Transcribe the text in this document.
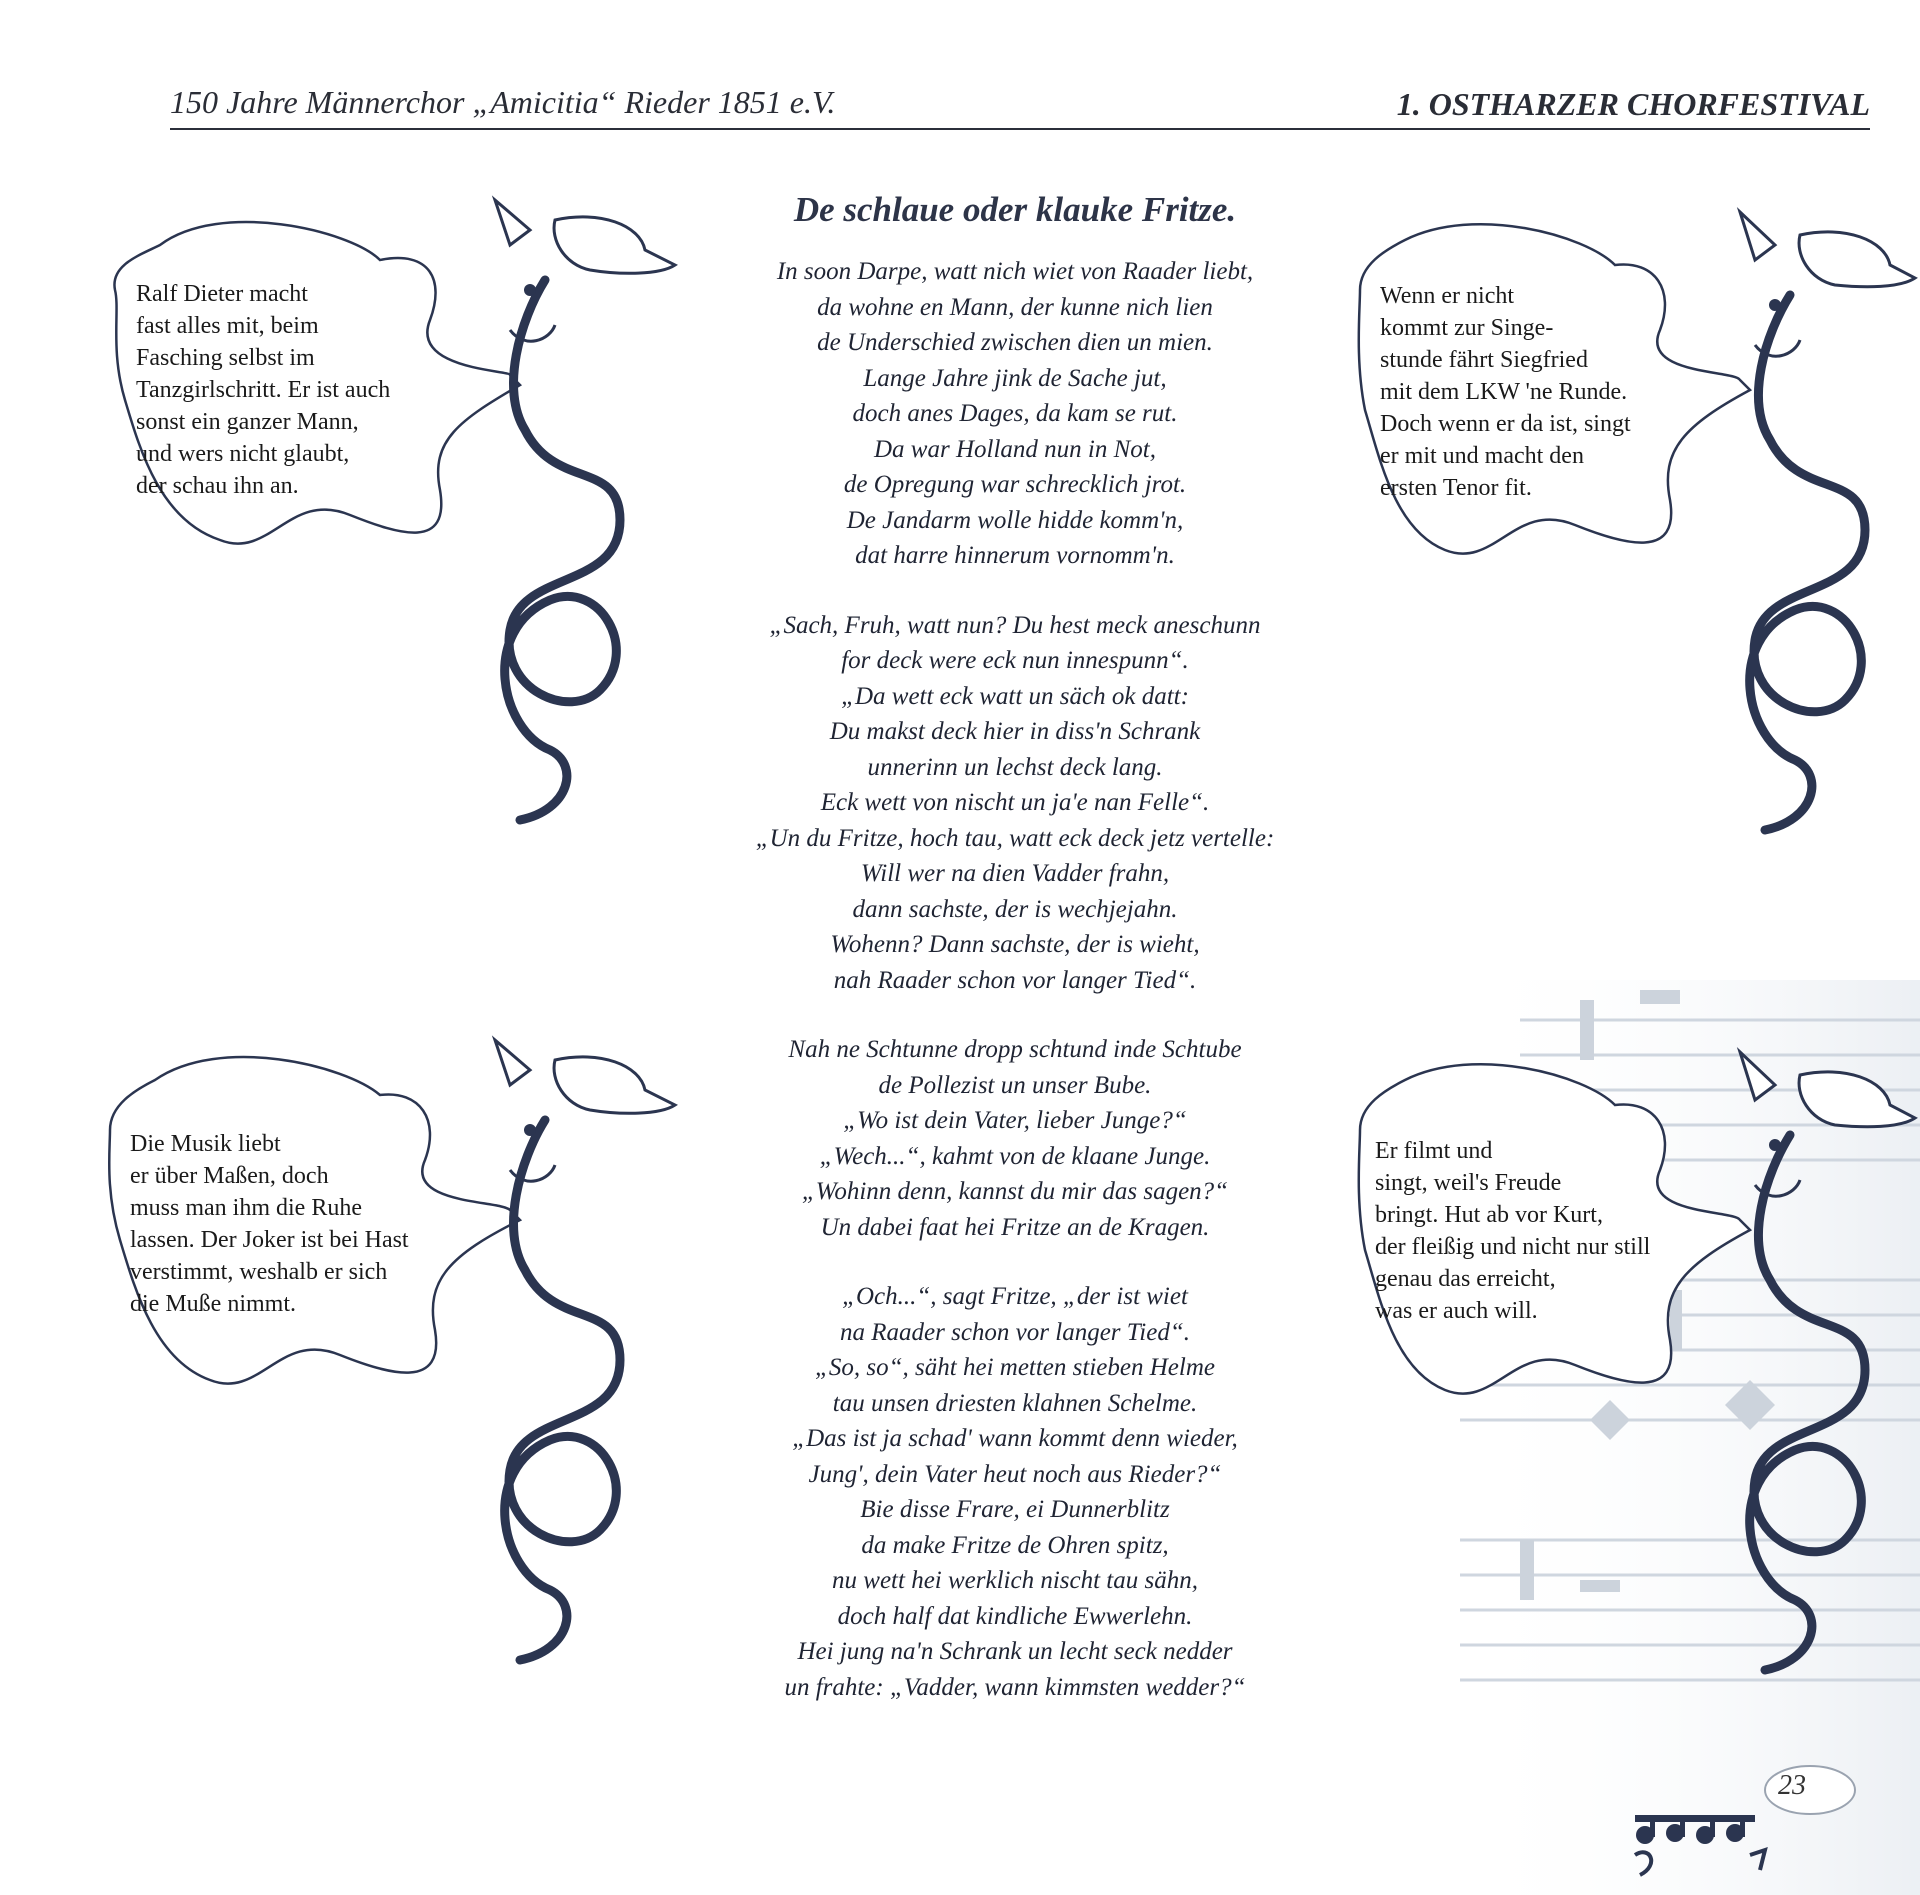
150 Jahre Männerchor „Amicitia“ Rieder 1851 e.V.	1. OSTHARZER CHORFESTIVAL
De schlaue oder klauke Fritze.
In soon Darpe, watt nich wiet von Raader liebt,
da wohne en Mann, der kunne nich lien
de Underschied zwischen dien un mien.
Lange Jahre jink de Sache jut,
doch anes Dages, da kam se rut.
Da war Holland nun in Not,
de Opregung war schrecklich jrot.
De Jandarm wolle hidde komm'n,
dat harre hinnerum vornomm'n.
„Sach, Fruh, watt nun? Du hest meck aneschunn
for deck were eck nun innespunn“.
„Da wett eck watt un säch ok datt:
Du makst deck hier in diss'n Schrank
unnerinn un lechst deck lang.
Eck wett von nischt un ja'e nan Felle“.
„Un du Fritze, hoch tau, watt eck deck jetz vertelle:
Will wer na dien Vadder frahn,
dann sachste, der is wechjejahn.
Wohenn? Dann sachste, der is wieht,
nah Raader schon vor langer Tied“.
Nah ne Schtunne dropp schtund inde Schtube
de Pollezist un unser Bube.
„Wo ist dein Vater, lieber Junge?“
„Wech...“, kahmt von de klaane Junge.
„Wohinn denn, kannst du mir das sagen?“
Un dabei faat hei Fritze an de Kragen.
„Och...“, sagt Fritze, „der ist wiet
na Raader schon vor langer Tied“.
„So, so“, säht hei metten stieben Helme
tau unsen driesten klahnen Schelme.
„Das ist ja schad' wann kommt denn wieder,
Jung', dein Vater heut noch aus Rieder?“
Bie disse Frare, ei Dunnerblitz
da make Fritze de Ohren spitz,
nu wett hei werklich nischt tau sähn,
doch half dat kindliche Ewwerlehn.
Hei jung na'n Schrank un lecht seck nedder
un frahte: „Vadder, wann kimmsten wedder?“
Ralf Dieter macht
fast alles mit, beim
Fasching selbst im
Tanzgirlschritt. Er ist auch
sonst ein ganzer Mann,
und wers nicht glaubt,
der schau ihn an.
Wenn er nicht
kommt zur Singe-
stunde fährt Siegfried
mit dem LKW 'ne Runde.
Doch wenn er da ist, singt
er mit und macht den
ersten Tenor fit.
Die Musik liebt
er über Maßen, doch
muss man ihm die Ruhe
lassen. Der Joker ist bei Hast
verstimmt, weshalb er sich
die Muße nimmt.
Er filmt und
singt, weil's Freude
bringt. Hut ab vor Kurt,
der fleißig und nicht nur still
genau das erreicht,
was er auch will.
23
